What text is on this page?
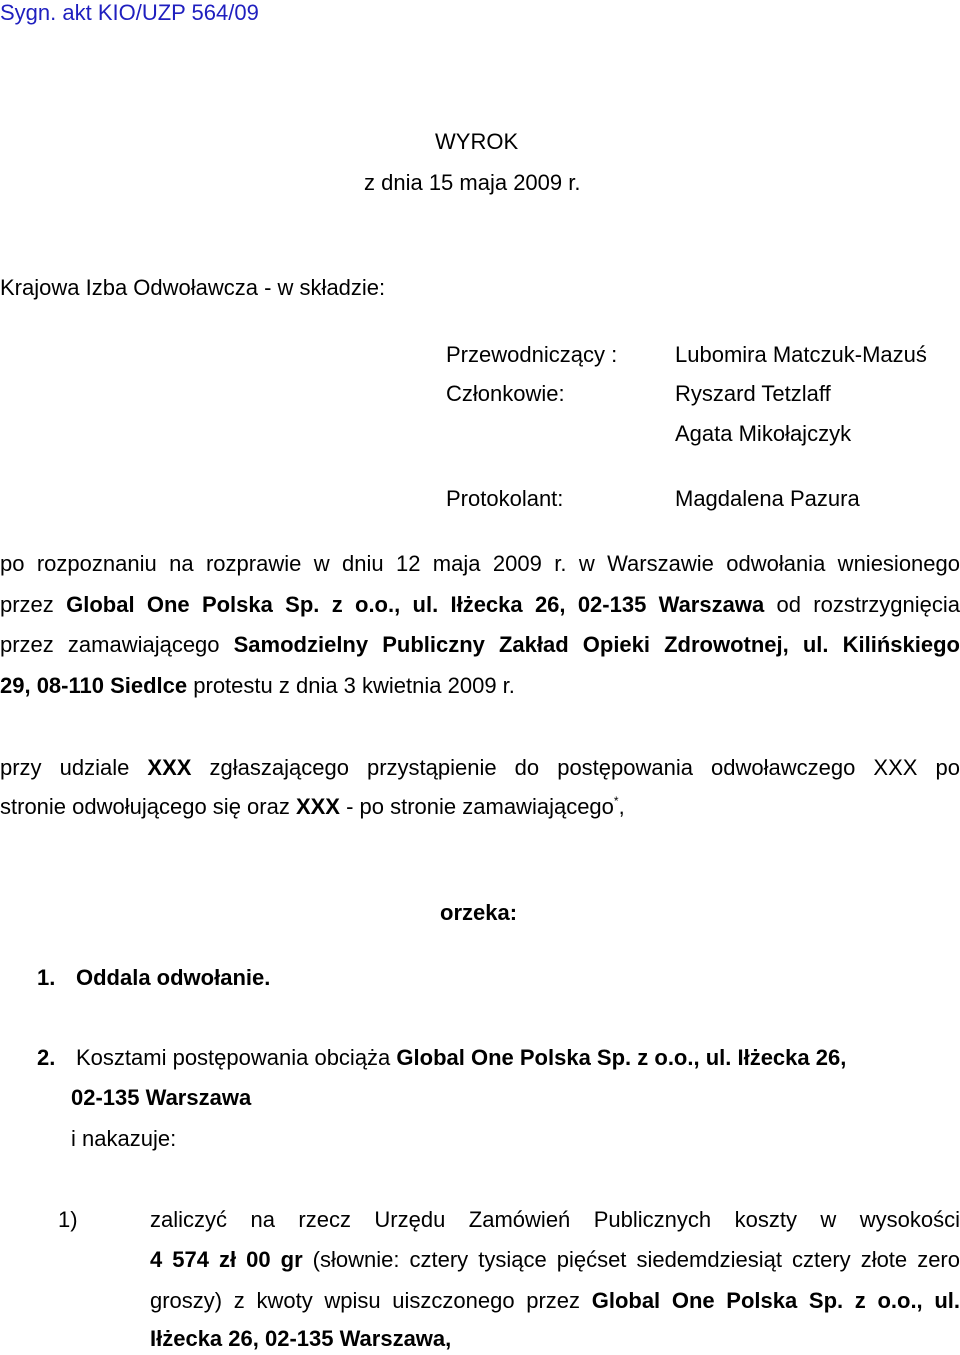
Sygn. akt KIO/UZP 564/09
WYROK
z dnia 15 maja 2009 r.
Krajowa Izba Odwoławcza - w składzie:
Przewodniczący :	Lubomira Matczuk-Mazuś
Członkowie:	Ryszard Tetzlaff
Agata Mikołajczyk
Protokolant:	Magdalena Pazura
po rozpoznaniu na rozprawie w dniu 12 maja 2009 r. w Warszawie odwołania wniesionego
przez Global One Polska Sp. z o.o., ul. Iłżecka 26, 02-135 Warszawa od rozstrzygnięcia
przez zamawiającego Samodzielny Publiczny Zakład Opieki Zdrowotnej, ul. Kilińskiego
29, 08-110 Siedlce protestu z dnia 3 kwietnia 2009 r.
przy udziale XXX zgłaszającego przystąpienie do postępowania odwoławczego XXX po
stronie odwołującego się oraz XXX - po stronie zamawiającego*,
orzeka:
1. Oddala odwołanie.
2. Kosztami postępowania obciąża Global One Polska Sp. z o.o., ul. Iłżecka 26,
02-135 Warszawa
i nakazuje:
1)	zaliczyć na rzecz Urzędu Zamówień Publicznych koszty w wysokości
4 574 zł 00 gr (słownie: cztery tysiące pięćset siedemdziesiąt cztery złote zero
groszy) z kwoty wpisu uiszczonego przez Global One Polska Sp. z o.o., ul.
Iłżecka 26, 02-135 Warszawa,
